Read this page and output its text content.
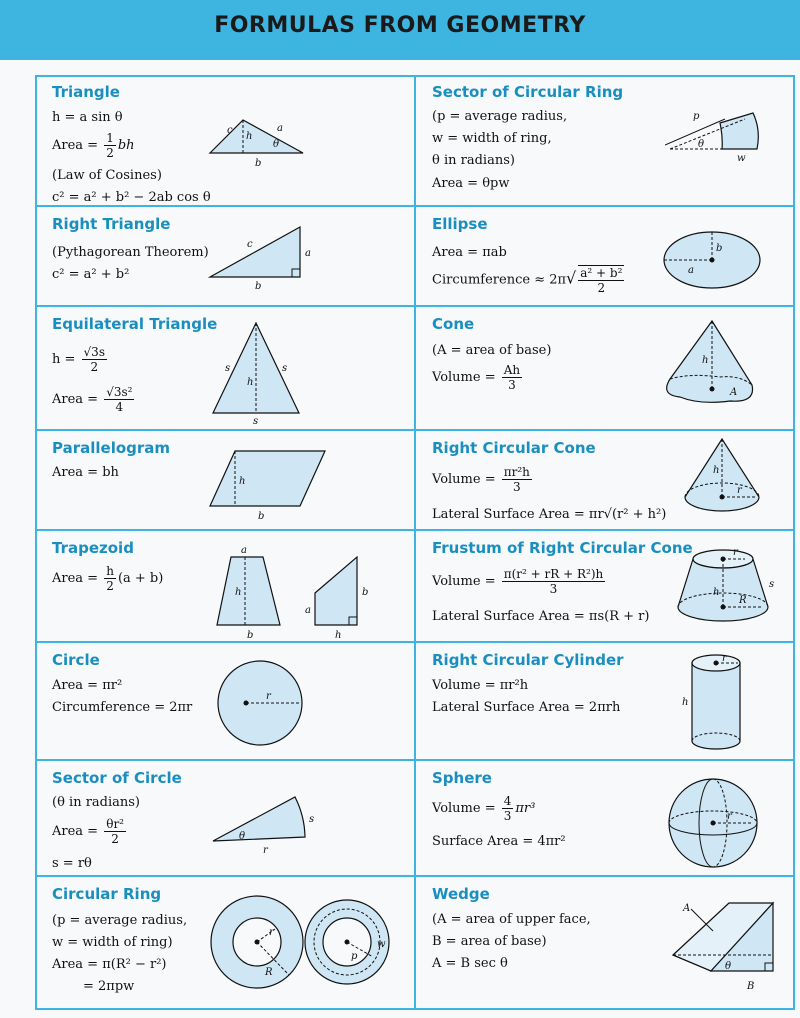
FORMULAS FROM GEOMETRY
Triangle
h = a sin θ
Area = $\frac{1}{2}$ bh
(Law of Cosines)
c² = a² + b² − 2ab cos θ
c
h
a
θ
b
Right Triangle
(Pythagorean Theorem)
c² = a² + b²
c
a
b
Equilateral Triangle
$h = \frac{√3s}{2}$
Area = $\frac{\text{√3s²}}{4}$
s	s
h
s
Parallelogram
Area = bh
h
b
Trapezoid
Area = $\frac{h}{2} (a + b)$
a
h
b
a
b
h
Circle
Area = πr²
Circumference = 2πr
r
Sector of Circle
(θ in radians)
Area = $\frac{\text{θr²}}{2}$
s = rθ
θ
s
r
Circular Ring
(p = average radius,
w = width of ring)
Area = π(R² − r²)
= 2πpw
r
R
p
w
Sector of Circular Ring
(p = average radius,
w = width of ring,
θ in radians)
Area = θpw
p
θ
w
Ellipse
Area = πab
Circumference ≈ $2\pi√ \frac{\text{a² + b²}}{2}$
b
a
Cone
(A = area of base)
Volume = $\frac{Ah}{3}$
h
A
Right Circular Cone
Volume = $\frac{\text{πr²h}}{3}$
Lateral Surface Area = πr√(r² + h²)
h
r
Frustum of Right Circular Cone
Volume = $\frac{\text{π(r² + rR + R²)h}}{3}$
Lateral Surface Area = πs(R + r)
r
h
R
s
Right Circular Cylinder
Volume = πr²h
Lateral Surface Area = 2πrh
r
h
Sphere
Volume = $\frac{4}{3} \pi r^3$
Surface Area = 4πr²
r
Wedge
(A = area of upper face,
B = area of base)
A = B sec θ
A
θ
B
